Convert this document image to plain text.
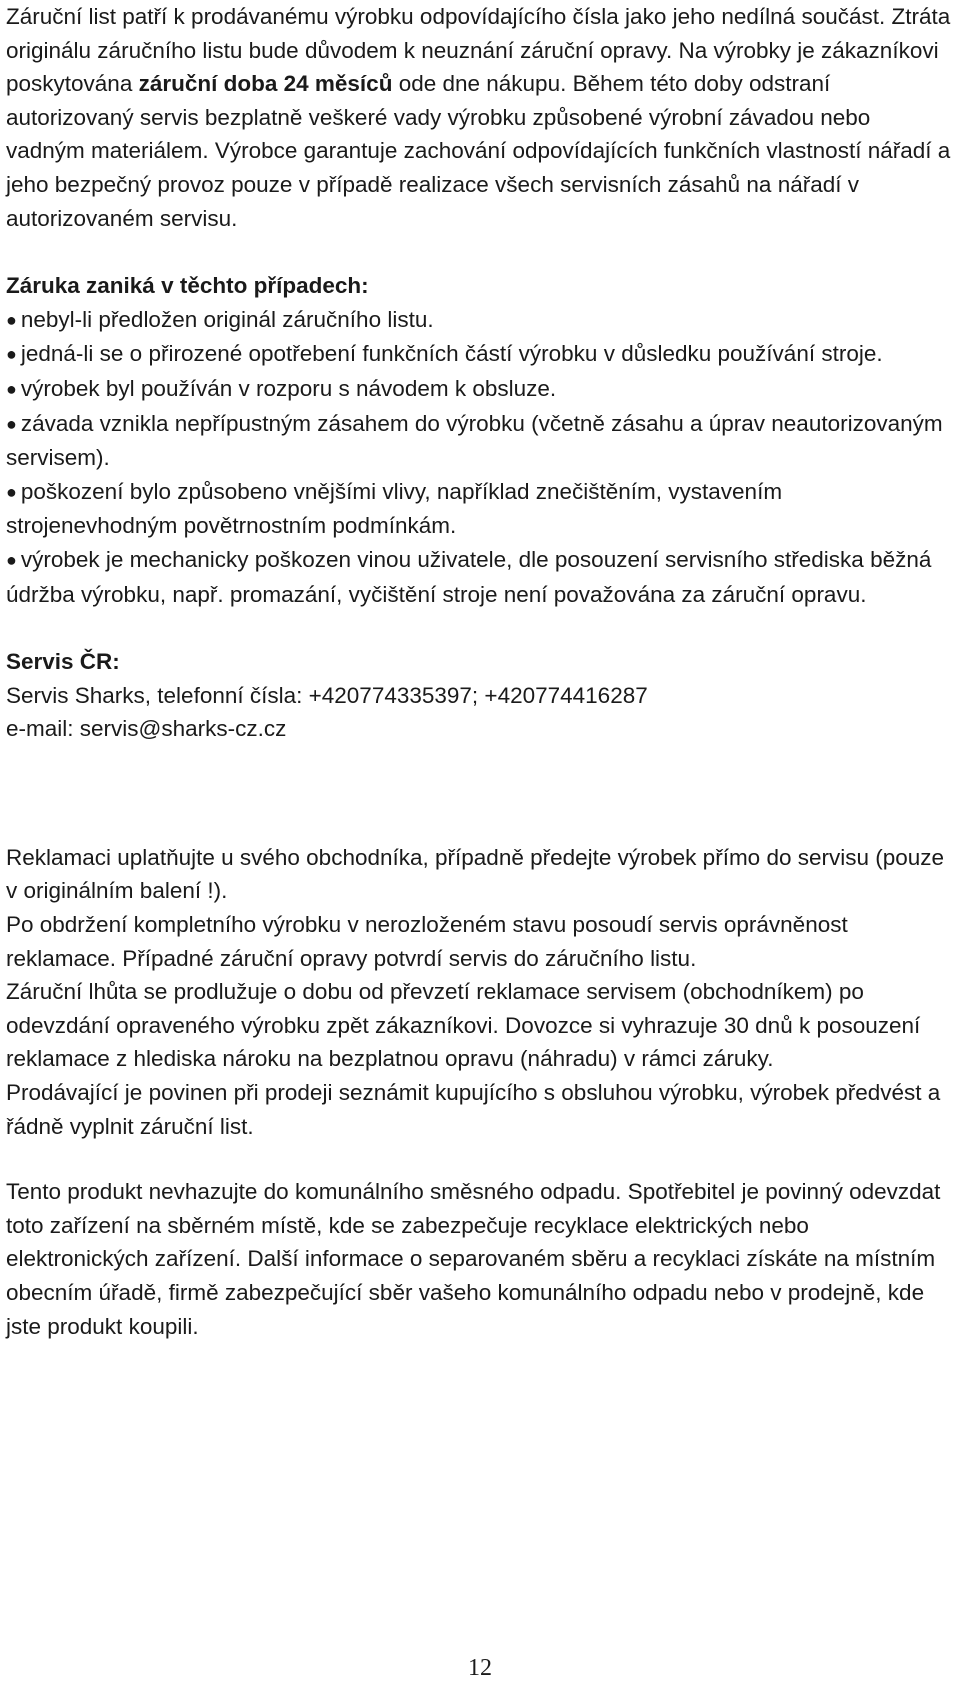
Záruční list patří k prodávanému výrobku odpovídajícího čísla jako jeho nedílná součást. Ztráta originálu záručního listu bude důvodem k neuznání záruční opravy. Na výrobky je zákazníkovi poskytována záruční doba 24 měsíců ode dne nákupu. Během této doby odstraní autorizovaný servis bezplatně veškeré vady výrobku způsobené výrobní závadou nebo vadným materiálem. Výrobce garantuje zachování odpovídajících funkčních vlastností nářadí a jeho bezpečný provoz pouze v případě realizace všech servisních zásahů na nářadí v autorizovaném servisu.

Záruka zaniká v těchto případech:

● nebyl-li předložen originál záručního listu.

● jedná-li se o přirozené opotřebení funkčních částí výrobku v důsledku používání stroje.

● výrobek byl používán v rozporu s návodem k obsluze.

● závada vznikla nepřípustným zásahem do výrobku (včetně zásahu a úprav neautorizovaným servisem).

● poškození bylo způsobeno vnějšími vlivy, například znečištěním, vystavením strojenevhodným povětrnostním podmínkám.

● výrobek je mechanicky poškozen vinou uživatele, dle posouzení servisního střediska běžná údržba výrobku, např. promazání, vyčištění stroje není považována za záruční opravu.

Servis ČR:

Servis Sharks, telefonní čísla: +420774335397; +420774416287

e-mail: servis@sharks-cz.cz

Reklamaci uplatňujte u svého obchodníka, případně předejte výrobek přímo do servisu (pouze v originálním balení !).

Po obdržení kompletního výrobku v nerozloženém stavu posoudí servis oprávněnost reklamace. Případné záruční opravy potvrdí servis do záručního listu.

Záruční lhůta se prodlužuje o dobu od převzetí reklamace servisem (obchodníkem) po odevzdání opraveného výrobku zpět zákazníkovi. Dovozce si vyhrazuje 30 dnů k posouzení reklamace z hlediska nároku na bezplatnou opravu (náhradu) v rámci záruky.

Prodávající je povinen při prodeji seznámit kupujícího s obsluhou výrobku, výrobek předvést a řádně vyplnit záruční list.

Tento produkt nevhazujte do komunálního směsného odpadu. Spotřebitel je povinný odevzdat toto zařízení na sběrném místě, kde se zabezpečuje recyklace elektrických nebo elektronických zařízení. Další informace o separovaném sběru a recyklaci získáte na místním obecním úřadě, firmě zabezpečující sběr vašeho komunálního odpadu nebo v prodejně, kde jste produkt koupili.

12
